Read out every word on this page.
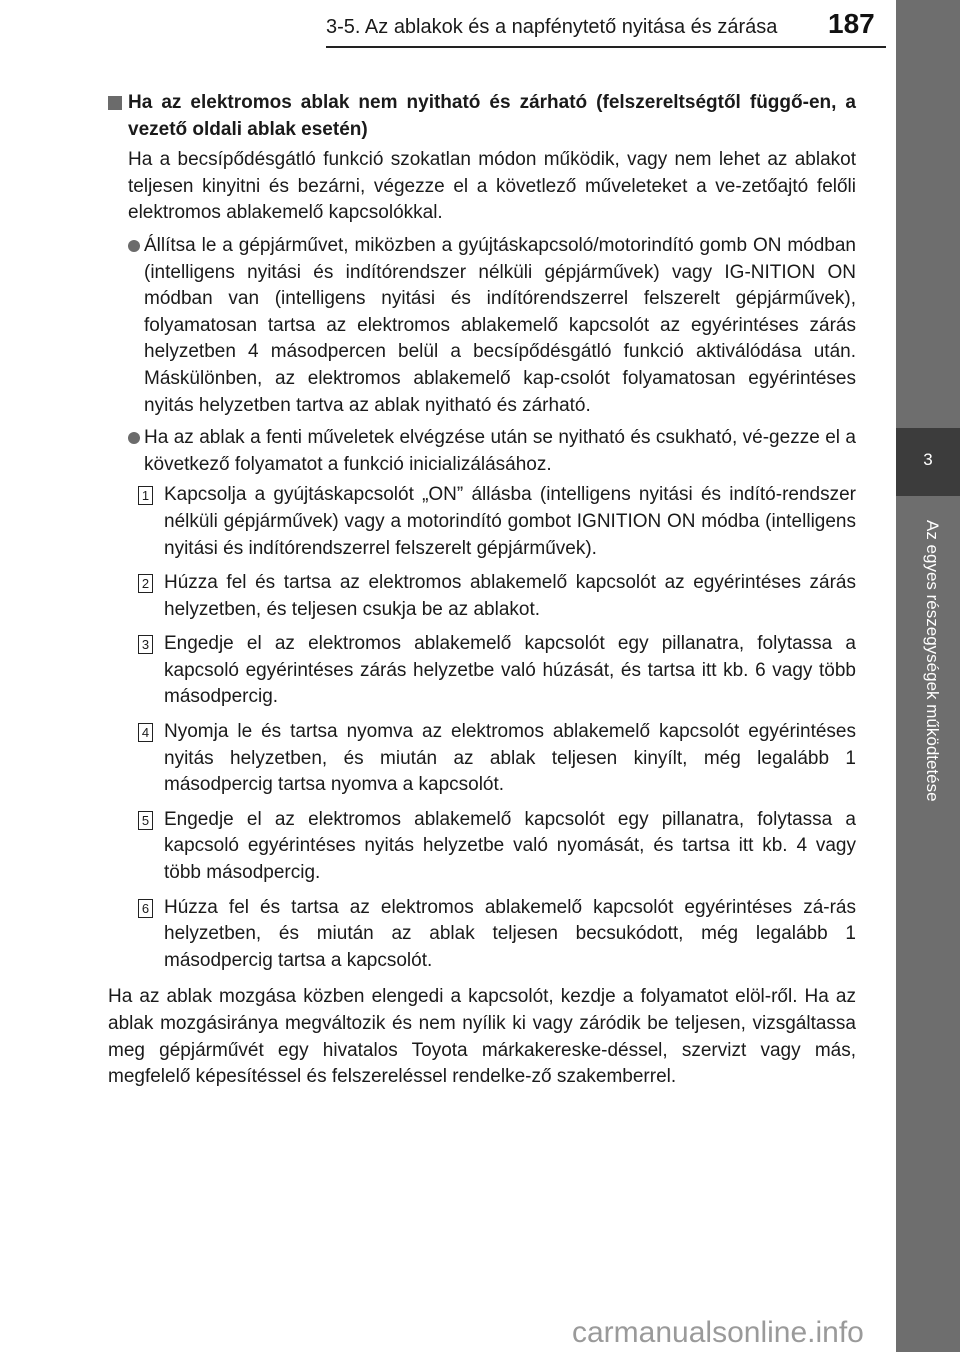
3-5. Az ablakok és a napfénytető nyitása és zárása 187
3
Az egyes részegységek működtetése
Ha az elektromos ablak nem nyitható és zárható (felszereltségtől függő-en, a vezető oldali ablak esetén)
Ha a becsípődésgátló funkció szokatlan módon működik, vagy nem lehet az ablakot teljesen kinyitni és bezárni, végezze el a követlező műveleteket a ve-zetőajtó felőli elektromos ablakemelő kapcsolókkal.
Állítsa le a gépjárművet, miközben a gyújtáskapcsoló/motorindító gomb ON módban (intelligens nyitási és indítórendszer nélküli gépjárművek) vagy IG-NITION ON módban van (intelligens nyitási és indítórendszerrel felszerelt gépjárművek), folyamatosan tartsa az elektromos ablakemelő kapcsolót az egyérintéses zárás helyzetben 4 másodpercen belül a becsípődésgátló funkció aktiválódása után. Máskülönben, az elektromos ablakemelő kap-csolót folyamatosan egyérintéses nyitás helyzetben tartva az ablak nyitható és zárható.
Ha az ablak a fenti műveletek elvégzése után se nyitható és csukható, vé-gezze el a következő folyamatot a funkció inicializálásához.
1 Kapcsolja a gyújtáskapcsolót „ON” állásba (intelligens nyitási és indító-rendszer nélküli gépjárművek) vagy a motorindító gombot IGNITION ON módba (intelligens nyitási és indítórendszerrel felszerelt gépjárművek).
2 Húzza fel és tartsa az elektromos ablakemelő kapcsolót az egyérintéses zárás helyzetben, és teljesen csukja be az ablakot.
3 Engedje el az elektromos ablakemelő kapcsolót egy pillanatra, folytassa a kapcsoló egyérintéses zárás helyzetbe való húzását, és tartsa itt kb. 6 vagy több másodpercig.
4 Nyomja le és tartsa nyomva az elektromos ablakemelő kapcsolót egyérintéses nyitás helyzetben, és miután az ablak teljesen kinyílt, még legalább 1 másodpercig tartsa nyomva a kapcsolót.
5 Engedje el az elektromos ablakemelő kapcsolót egy pillanatra, folytassa a kapcsoló egyérintéses nyitás helyzetbe való nyomását, és tartsa itt kb. 4 vagy több másodpercig.
6 Húzza fel és tartsa az elektromos ablakemelő kapcsolót egyérintéses zá-rás helyzetben, és miután az ablak teljesen becsukódott, még legalább 1 másodpercig tartsa a kapcsolót.
Ha az ablak mozgása közben elengedi a kapcsolót, kezdje a folyamatot elöl-ről. Ha az ablak mozgásiránya megváltozik és nem nyílik ki vagy záródik be teljesen, vizsgáltassa meg gépjárművét egy hivatalos Toyota márkakereske-déssel, szervizt vagy más, megfelelő képesítéssel és felszereléssel rendelke-ző szakemberrel.
carmanualsonline.info
